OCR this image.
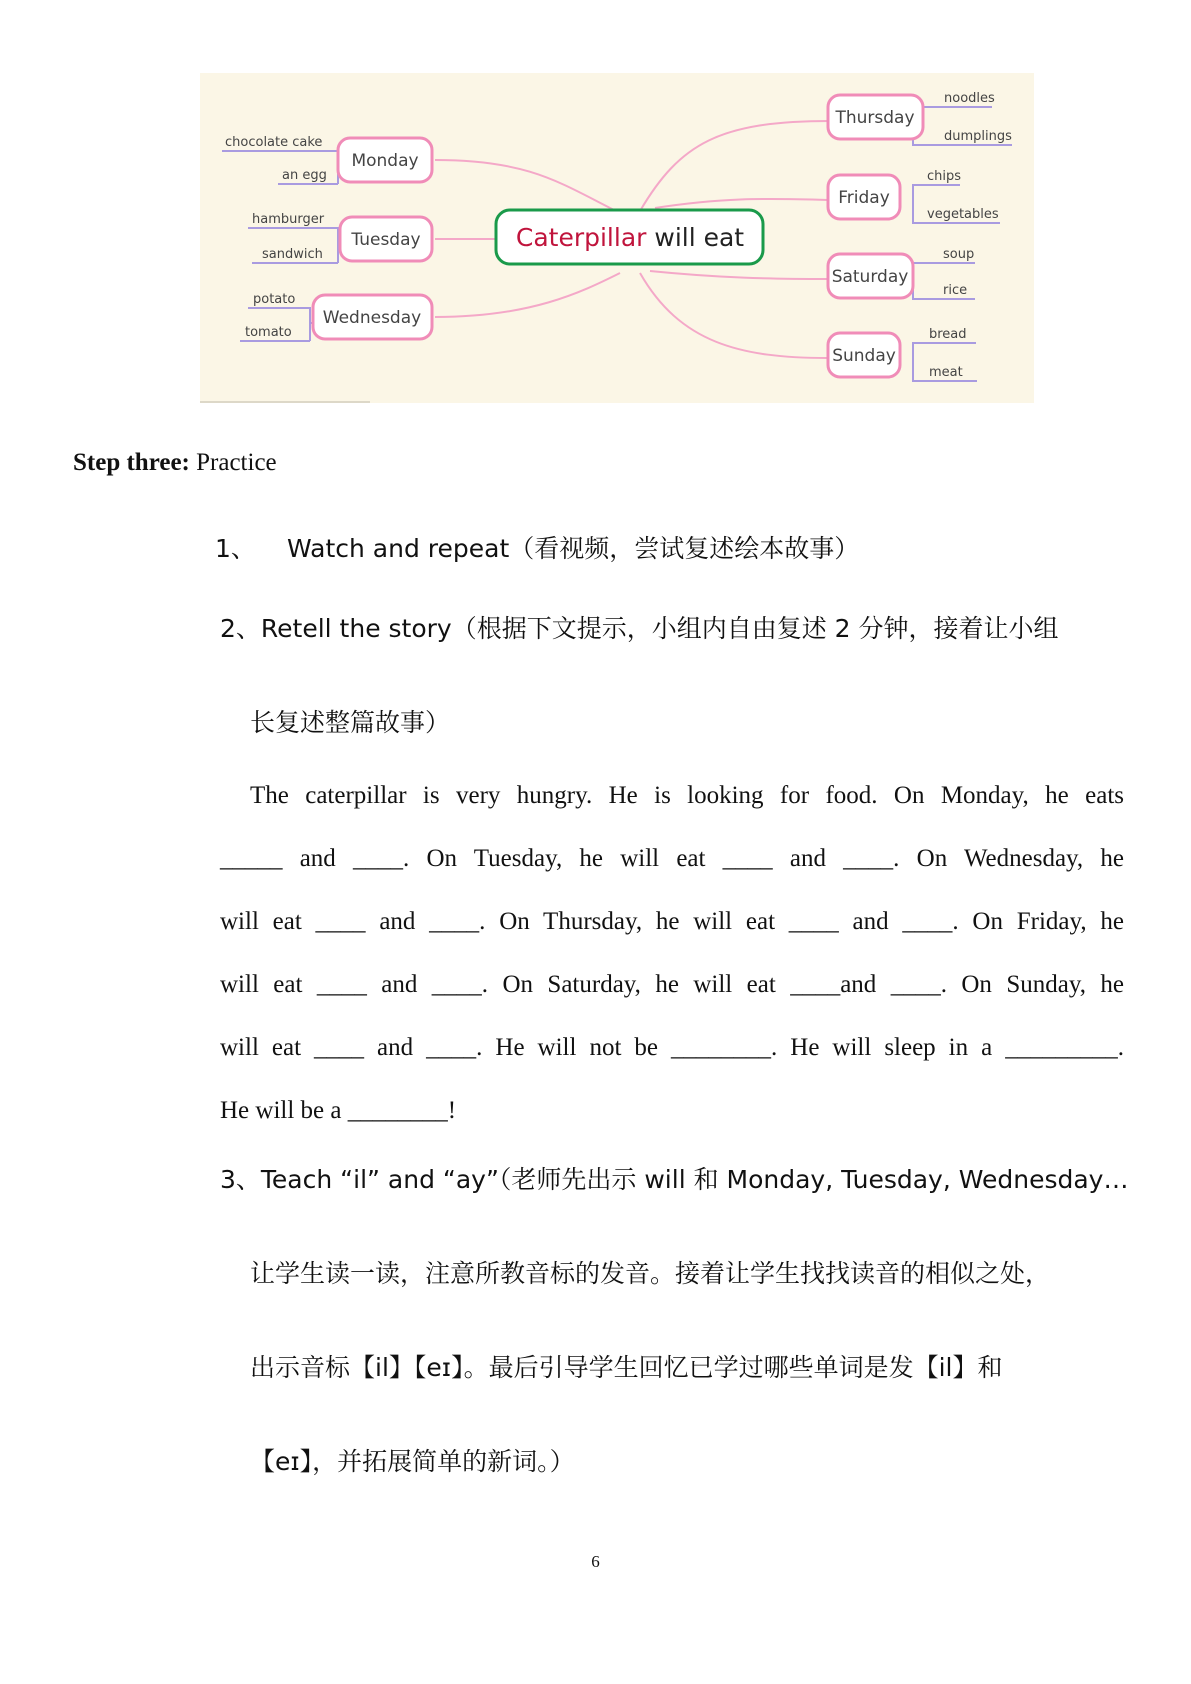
Caterpillar will eat
Monday
Tuesday
Wednesday
Thursday
Friday
Saturday
Sunday
chocolate cake
an egg
hamburger
sandwich
potato
tomato
noodles
dumplings
chips
vegetables
soup
rice
bread
meat
Step three: Practice
1、 Watch and repeat（看视频，尝试复述绘本故事）
2、Retell the story（根据下文提示，小组内自由复述 2 分钟，接着让小组
长复述整篇故事）
The caterpillar is very hungry. He is looking for food. On Monday, he eats
_____ and ____. On Tuesday, he will eat ____ and ____. On Wednesday, he
will eat ____ and ____. On Thursday, he will eat ____ and ____. On Friday, he
will eat ____ and ____. On Saturday, he will eat ____and ____. On Sunday, he
will eat ____ and ____. He will not be ________. He will sleep in a _________.
He will be a ________!
3、Teach “il” and “ay”（老师先出示 will 和 Monday, Tuesday, Wednesday…
让学生读一读，注意所教音标的发音。接着让学生找找读音的相似之处，
出示音标【il】【eɪ】。最后引导学生回忆已学过哪些单词是发【il】和
【eɪ】，并拓展简单的新词。）
6
